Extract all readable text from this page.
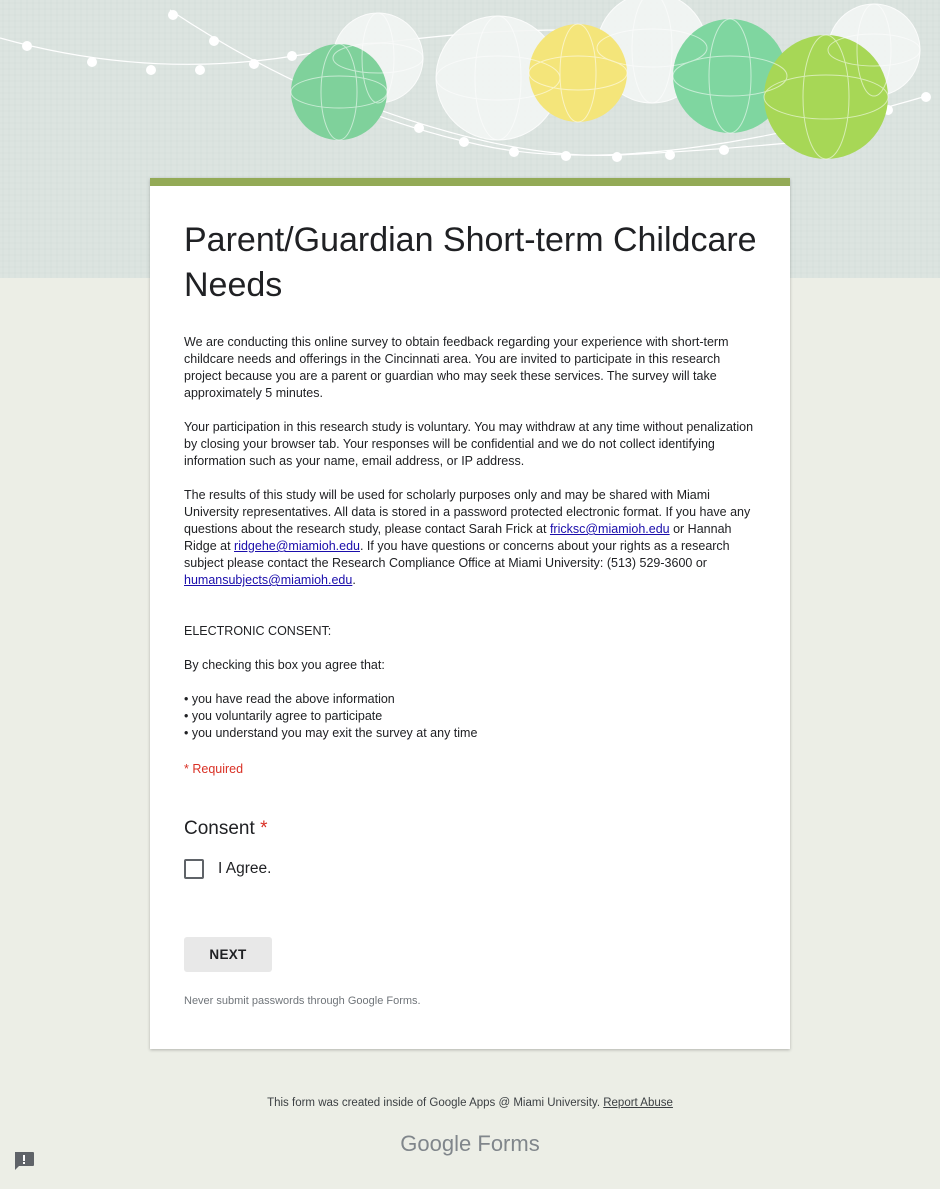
Parent/Guardian Short-term Childcare Needs

We are conducting this online survey to obtain feedback regarding your experience with short-term childcare needs and offerings in the Cincinnati area. You are invited to participate in this research project because you are a parent or guardian who may seek these services. The survey will take approximately 5 minutes.

Your participation in this research study is voluntary. You may withdraw at any time without penalization by closing your browser tab. Your responses will be confidential and we do not collect identifying information such as your name, email address, or IP address.

The results of this study will be used for scholarly purposes only and may be shared with Miami University representatives. All data is stored in a password protected electronic format. If you have any questions about the research study, please contact Sarah Frick at fricksc@miamioh.edu or Hannah Ridge at ridgehe@miamioh.edu. If you have questions or concerns about your rights as a research subject please contact the Research Compliance Office at Miami University: (513) 529-3600 or humansubjects@miamioh.edu.

ELECTRONIC CONSENT:

By checking this box you agree that:

• you have read the above information
• you voluntarily agree to participate
• you understand you may exit the survey at any time
* Required
Consent *
I Agree.
NEXT
Never submit passwords through Google Forms.
This form was created inside of Google Apps @ Miami University. Report Abuse
Google Forms
